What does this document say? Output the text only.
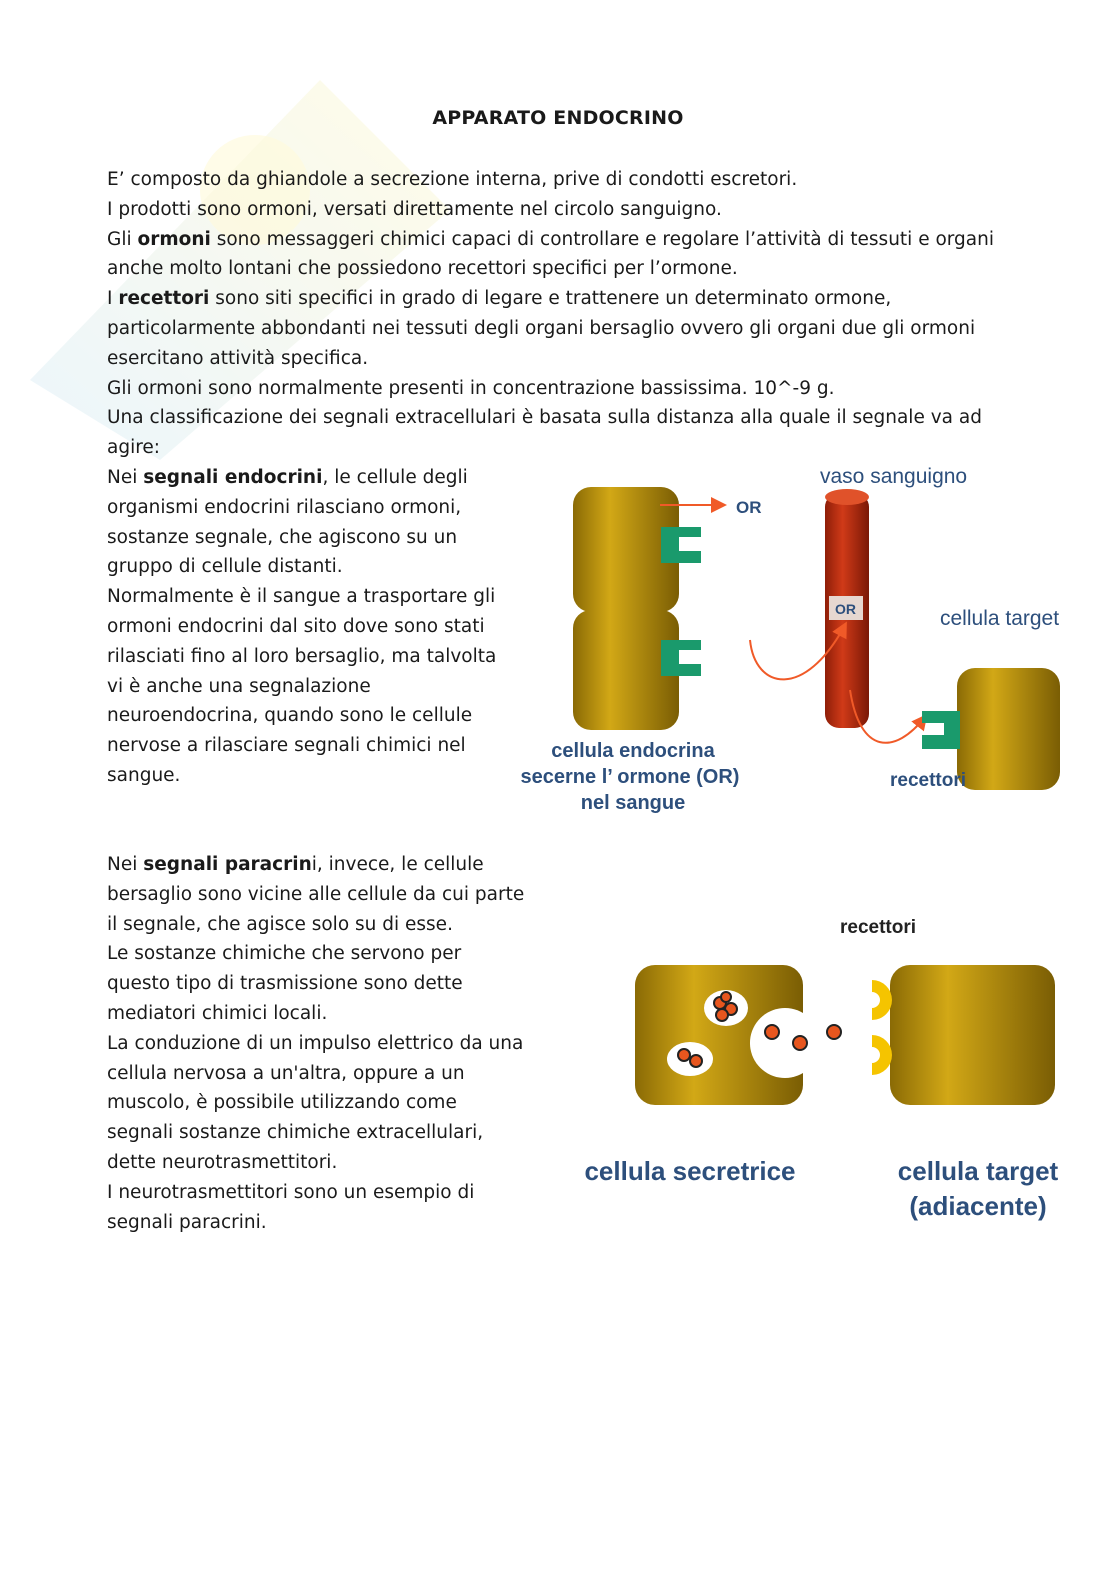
APPARATO ENDOCRINO

E’ composto da ghiandole a secrezione interna, prive di condotti escretori.

I prodotti sono ormoni, versati direttamente nel circolo sanguigno.

Gli ormoni sono messaggeri chimici capaci di controllare e regolare l’attività di tessuti e organi anche molto lontani che possiedono recettori specifici per l’ormone.

I recettori sono siti specifici in grado di legare e trattenere un determinato ormone, particolarmente abbondanti nei tessuti degli organi bersaglio ovvero gli organi due gli ormoni esercitano attività specifica.

Gli ormoni sono normalmente presenti in concentrazione bassissima. 10^-9 g.

Una classificazione dei segnali extracellulari è basata sulla distanza alla quale il segnale va ad agire:

Nei segnali endocrini, le cellule degli organismi endocrini rilasciano ormoni, sostanze segnale, che agiscono su un gruppo di cellule distanti.

Normalmente è il sangue a trasportare gli ormoni endocrini dal sito dove sono stati rilasciati fino al loro bersaglio, ma talvolta vi è anche una segnalazione neuroendocrina, quando sono le cellule nervose a rilasciare segnali chimici nel sangue.

Nei segnali paracrini, invece, le cellule bersaglio sono vicine alle cellule da cui parte il segnale, che agisce solo su di esse.

Le sostanze chimiche che servono per questo tipo di trasmissione sono dette mediatori chimici locali.

La conduzione di un impulso elettrico da una cellula nervosa a un'altra, oppure a un muscolo, è possibile utilizzando come segnali sostanze chimiche extracellulari, dette neurotrasmettitori.

I neurotrasmettitori sono un esempio di segnali paracrini.

OR
OR
vaso sanguigno
cellula target
recettori
cellula endocrina
secerne l’ ormone (OR)
nel sangue
recettori
cellula secretrice	cellula target
(adiacente)
